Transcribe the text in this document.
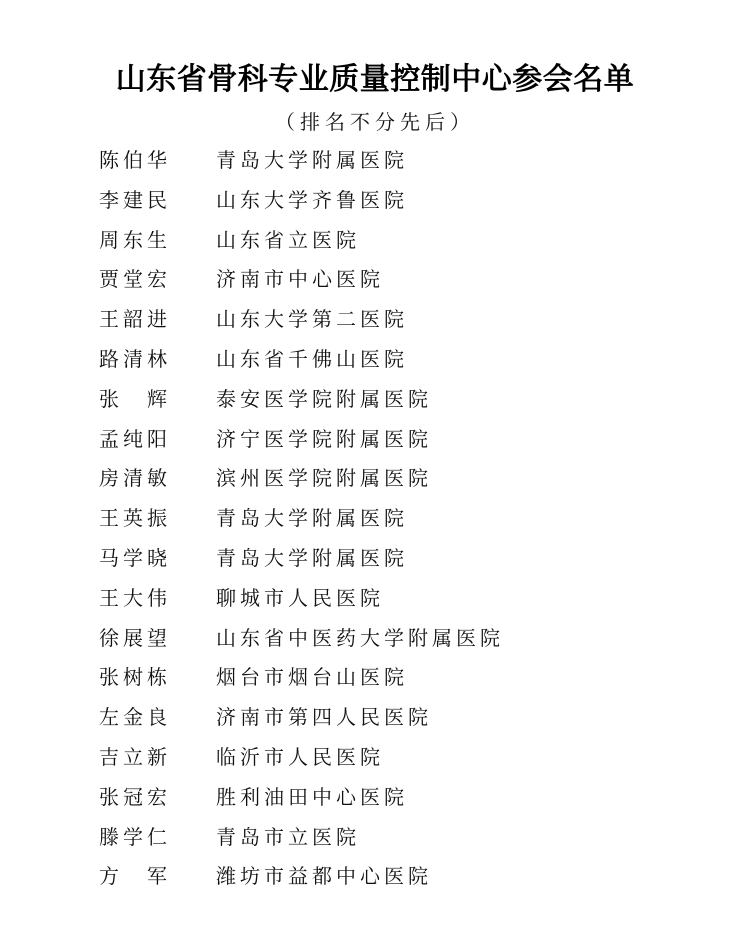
山东省骨科专业质量控制中心参会名单
（排名不分先后）
陈伯华	青岛大学附属医院
李建民	山东大学齐鲁医院
周东生	山东省立医院
贾堂宏	济南市中心医院
王韶进	山东大学第二医院
路清林	山东省千佛山医院
张　辉	泰安医学院附属医院
孟纯阳	济宁医学院附属医院
房清敏	滨州医学院附属医院
王英振	青岛大学附属医院
马学晓	青岛大学附属医院
王大伟	聊城市人民医院
徐展望	山东省中医药大学附属医院
张树栋	烟台市烟台山医院
左金良	济南市第四人民医院
吉立新	临沂市人民医院
张冠宏	胜利油田中心医院
滕学仁	青岛市立医院
方　军	潍坊市益都中心医院
